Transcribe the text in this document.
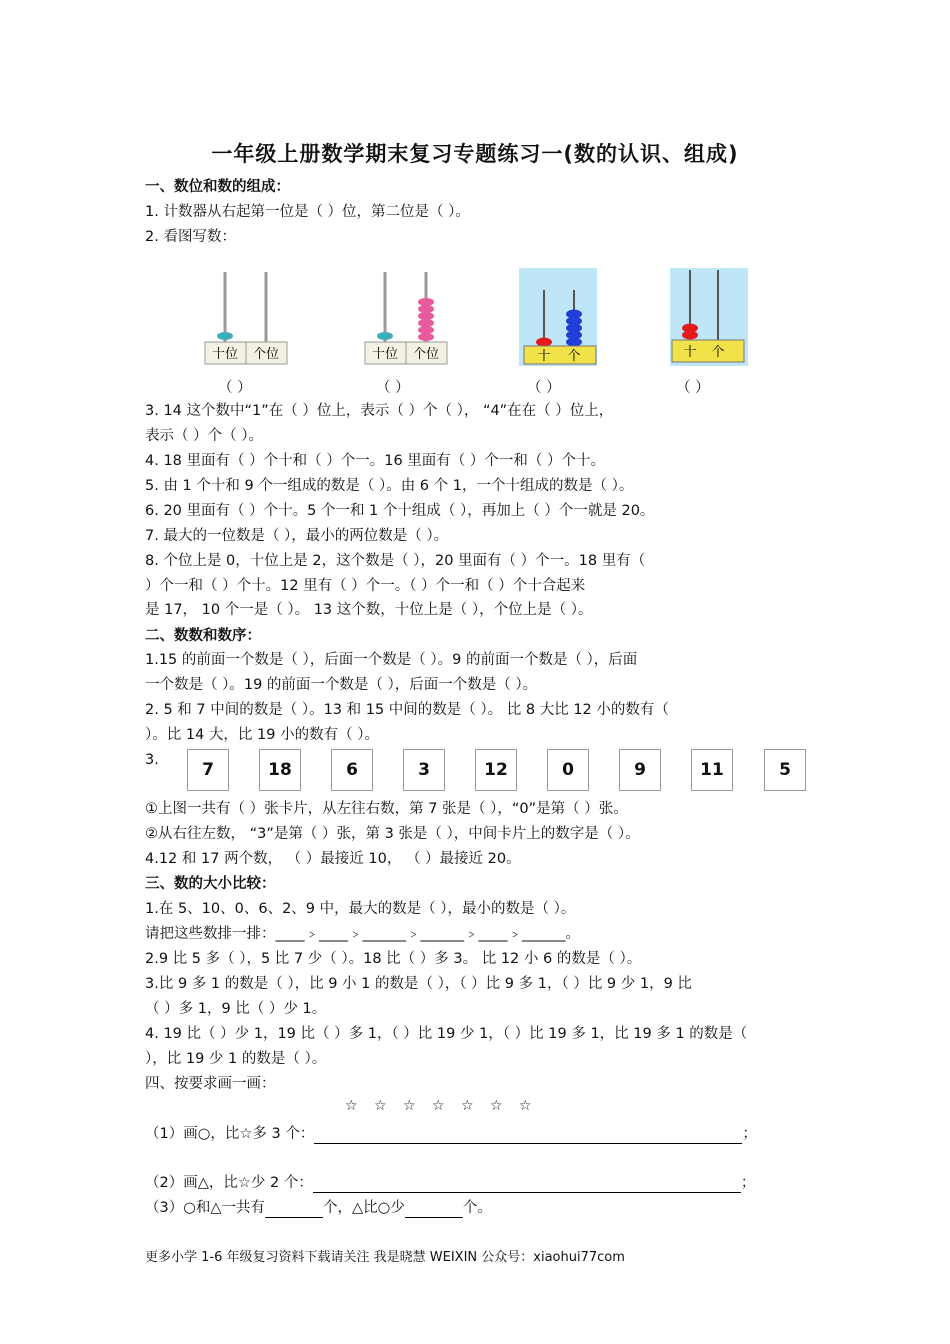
一年级上册数学期末复习专题练习一(数的认识、组成)
一、数位和数的组成：
1. 计数器从右起第一位是（ ）位，第二位是（ ）。
2. 看图写数：
十位 个位	十位 个位	十 个	十 个
（ ）	（ ）	（ ）	（ ）
3. 14 这个数中“1”在（ ）位上，表示（ ）个（ ）， “4”在在（ ）位上，
表示（ ）个（ ）。
4. 18 里面有（ ）个十和（ ）个一。16 里面有（ ）个一和（ ）个十。
5. 由 1 个十和 9 个一组成的数是（ ）。由 6 个 1，一个十组成的数是（ ）。
6. 20 里面有（ ）个十。5 个一和 1 个十组成（ ），再加上（ ）个一就是 20。
7. 最大的一位数是（ ），最小的两位数是（ ）。
8. 个位上是 0，十位上是 2，这个数是（ ），20 里面有（ ）个一。18 里有（
）个一和（ ）个十。12 里有（ ）个一。（ ）个一和（ ）个十合起来
是 17， 10 个一是（ ）。 13 这个数，十位上是（ ），个位上是（ ）。
二、数数和数序：
1.15 的前面一个数是（ ），后面一个数是（ ）。9 的前面一个数是（ ），后面
一个数是（ ）。19 的前面一个数是（ ），后面一个数是（ ）。
2. 5 和 7 中间的数是（ ）。13 和 15 中间的数是（ ）。 比 8 大比 12 小的数有（
）。比 14 大，比 19 小的数有（ ）。
3.	7	18	6	3	12	0	9	11	5
①上图一共有（ ）张卡片，从左往右数，第 7 张是（ ），“0”是第（ ）张。
②从右往左数， “3”是第（ ）张，第 3 张是（ ），中间卡片上的数字是（ ）。
4.12 和 17 两个数， （ ）最接近 10， （ ）最接近 20。
三、数的大小比较：
1.在 5、10、0、6、2、9 中，最大的数是（ ），最小的数是（ ）。
请把这些数排一排：____﹥____﹥______﹥______﹥____﹥______。
2.9 比 5 多（ ），5 比 7 少（ ）。18 比（ ）多 3。 比 12 小 6 的数是（ ）。
3.比 9 多 1 的数是（ ），比 9 小 1 的数是（ ），（ ）比 9 多 1，（ ）比 9 少 1，9 比
（ ）多 1，9 比（ ）少 1。
4. 19 比（ ）少 1，19 比（ ）多 1，（ ）比 19 少 1，（ ）比 19 多 1，比 19 多 1 的数是（
），比 19 少 1 的数是（ ）。
四、按要求画一画：
☆ ☆ ☆ ☆ ☆ ☆ ☆
（1）画○，比☆多 3 个：	；
（2）画△，比☆少 2 个：	；
（3）○和△一共有	个，△比○少	个。
更多小学 1-6 年级复习资料下载请关注 我是晓慧 WEIXIN 公众号：xiaohui77com
